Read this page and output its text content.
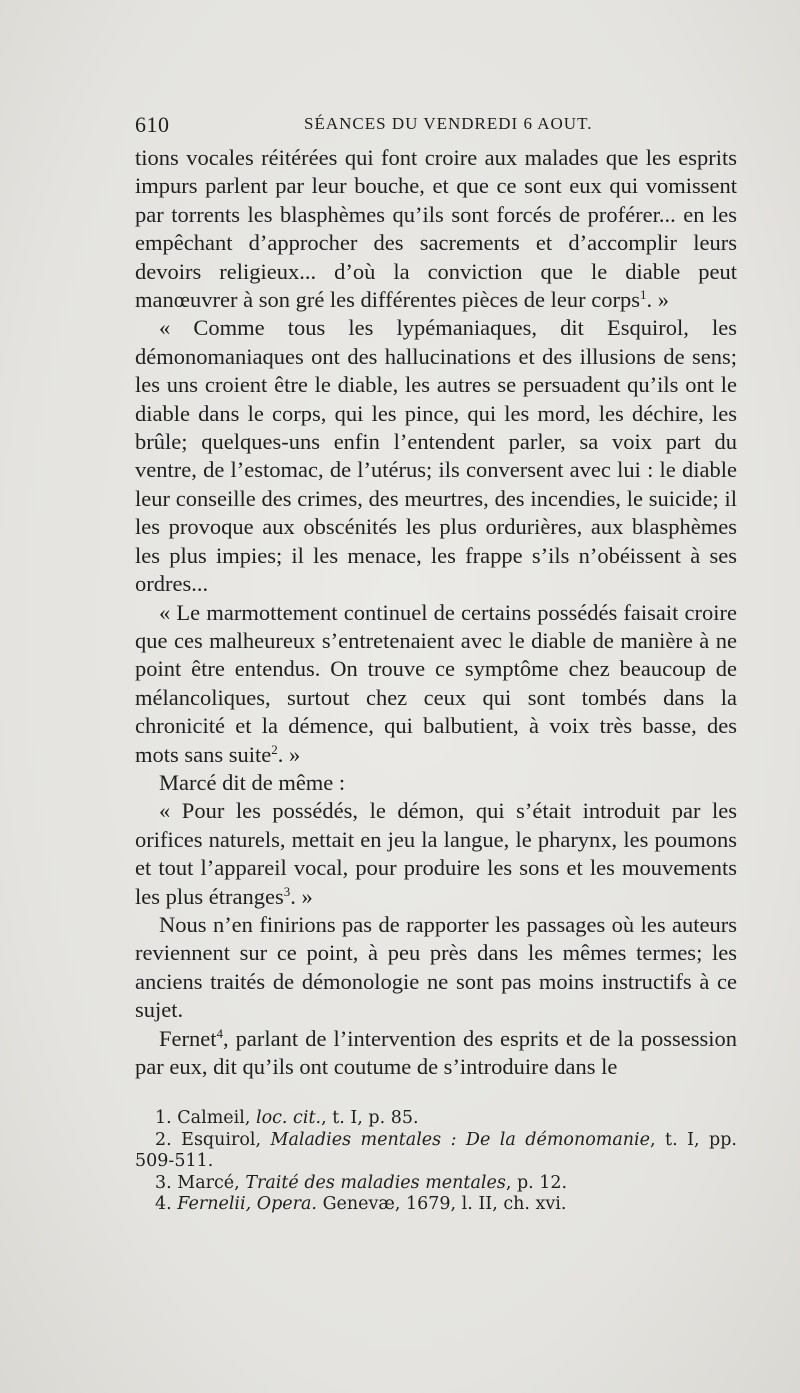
610	SÉANCES DU VENDREDI 6 AOUT.

tions vocales réitérées qui font croire aux malades que les esprits impurs parlent par leur bouche, et que ce sont eux qui vomissent par torrents les blasphèmes qu’ils sont forcés de proférer... en les empêchant d’approcher des sacrements et d’accomplir leurs devoirs religieux... d’où la conviction que le diable peut manœuvrer à son gré les différentes pièces de leur corps$^1$. »

« Comme tous les lypémaniaques, dit Esquirol, les démonomaniaques ont des hallucinations et des illusions de sens; les uns croient être le diable, les autres se persuadent qu’ils ont le diable dans le corps, qui les pince, qui les mord, les déchire, les brûle; quelques-uns enfin l’entendent parler, sa voix part du ventre, de l’estomac, de l’utérus; ils conversent avec lui : le diable leur conseille des crimes, des meurtres, des incendies, le suicide; il les provoque aux obscénités les plus ordurières, aux blasphèmes les plus impies; il les menace, les frappe s’ils n’obéissent à ses ordres...

« Le marmottement continuel de certains possédés faisait croire que ces malheureux s’entretenaient avec le diable de manière à ne point être entendus. On trouve ce symptôme chez beaucoup de mélancoliques, surtout chez ceux qui sont tombés dans la chronicité et la démence, qui balbutient, à voix très basse, des mots sans suite$^2$. »

Marcé dit de même :

« Pour les possédés, le démon, qui s’était introduit par les orifices naturels, mettait en jeu la langue, le pharynx, les poumons et tout l’appareil vocal, pour produire les sons et les mouvements les plus étranges$^3$. »

Nous n’en finirions pas de rapporter les passages où les auteurs reviennent sur ce point, à peu près dans les mêmes termes; les anciens traités de démonologie ne sont pas moins instructifs à ce sujet.

Fernet$^4$, parlant de l’intervention des esprits et de la possession par eux, dit qu’ils ont coutume de s’introduire dans le

1. Calmeil, loc. cit., t. I, p. 85.

2. Esquirol, Maladies mentales : De la démonomanie, t. I, pp. 509-511.

3. Marcé, Traité des maladies mentales, p. 12.

4. Fernelii, Opera. Genevæ, 1679, l. II, ch. xvi.
